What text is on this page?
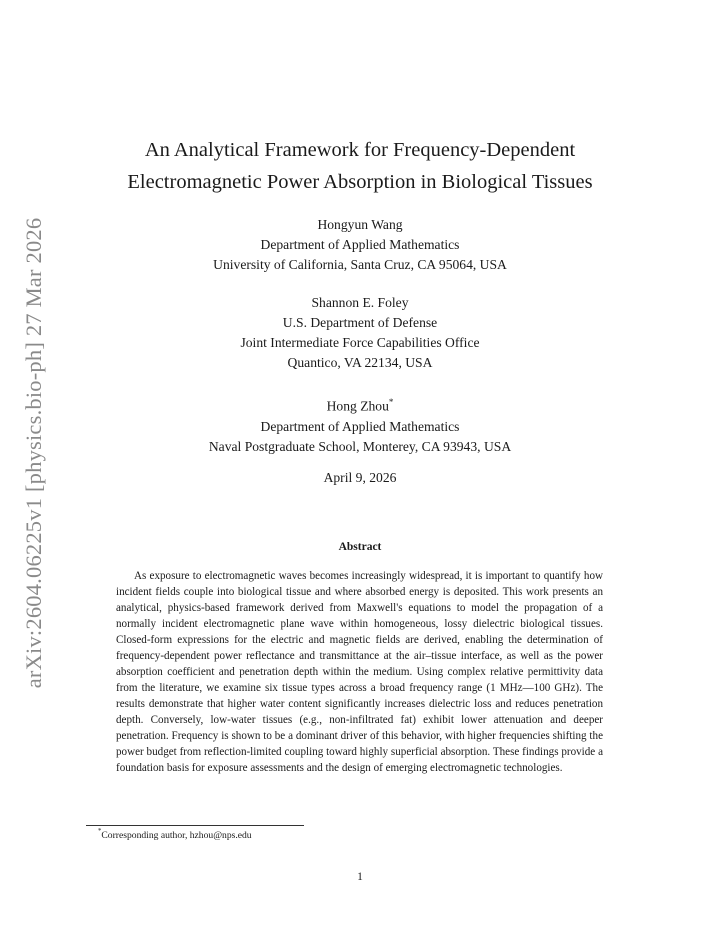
arXiv:2604.06225v1 [physics.bio-ph] 27 Mar 2026
An Analytical Framework for Frequency-Dependent
Electromagnetic Power Absorption in Biological Tissues
Hongyun Wang
Department of Applied Mathematics
University of California, Santa Cruz, CA 95064, USA
Shannon E. Foley
U.S. Department of Defense
Joint Intermediate Force Capabilities Office
Quantico, VA 22134, USA
Hong Zhou*
Department of Applied Mathematics
Naval Postgraduate School, Monterey, CA 93943, USA
April 9, 2026
Abstract

As exposure to electromagnetic waves becomes increasingly widespread, it is important to quantify how incident fields couple into biological tissue and where absorbed energy is deposited. This work presents an analytical, physics-based framework derived from Maxwell's equations to model the propagation of a normally incident electromagnetic plane wave within homogeneous, lossy dielectric biological tissues. Closed-form expressions for the electric and magnetic fields are derived, enabling the determination of frequency-dependent power reflectance and transmittance at the air–tissue interface, as well as the power absorption coefficient and penetration depth within the medium. Using complex relative permittivity data from the literature, we examine six tissue types across a broad frequency range (1 MHz—100 GHz). The results demonstrate that higher water content significantly increases dielectric loss and reduces penetration depth. Conversely, low-water tissues (e.g., non-infiltrated fat) exhibit lower attenuation and deeper penetration. Frequency is shown to be a dominant driver of this behavior, with higher frequencies shifting the power budget from reflection-limited coupling toward highly superficial absorption. These findings provide a foundation basis for exposure assessments and the design of emerging electromagnetic technologies.

*Corresponding author, hzhou@nps.edu
1
